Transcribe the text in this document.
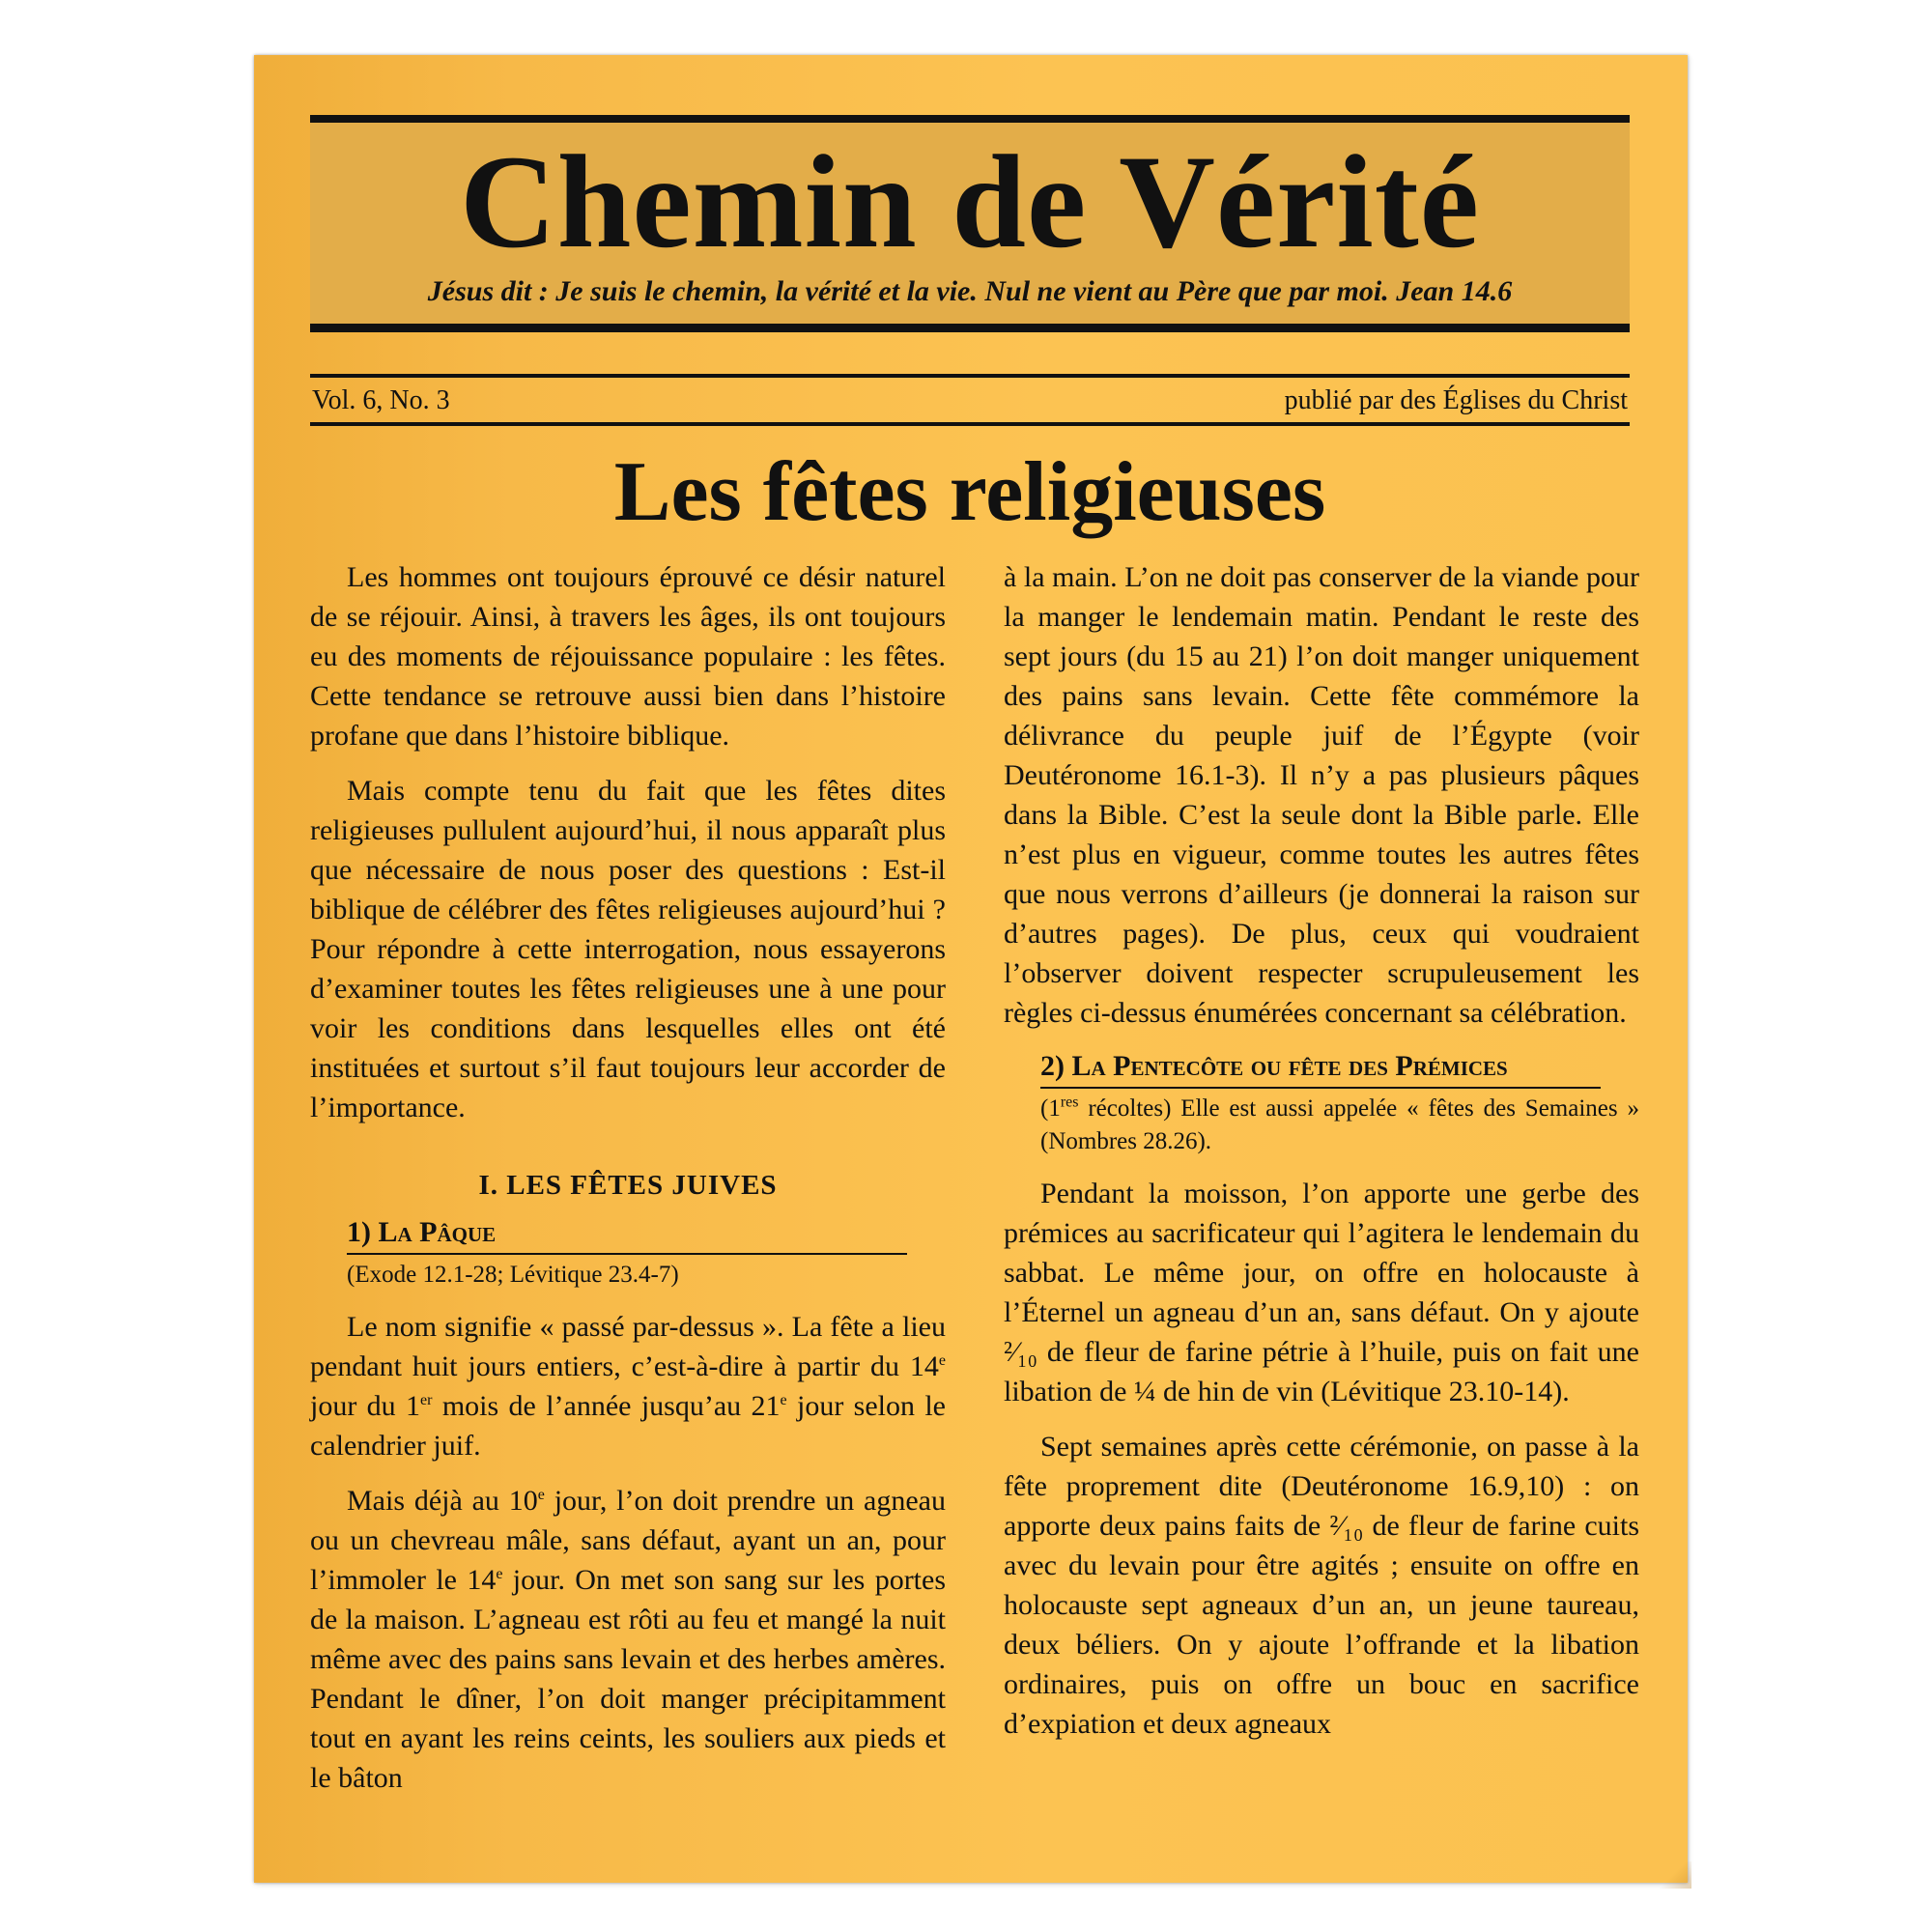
Chemin de Vérité
Jésus dit : Je suis le chemin, la vérité et la vie. Nul ne vient au Père que par moi. Jean 14.6
Vol. 6, No. 3	publié par des Églises du Christ
Les fêtes religieuses

Les hommes ont toujours éprouvé ce désir naturel de se réjouir. Ainsi, à travers les âges, ils ont toujours eu des moments de réjouissance populaire : les fêtes. Cette tendance se retrouve aussi bien dans l’histoire profane que dans l’histoire biblique.

Mais compte tenu du fait que les fêtes dites religieuses pullulent aujourd’hui, il nous apparaît plus que nécessaire de nous poser des questions : Est-il biblique de célébrer des fêtes religieuses aujourd’hui ? Pour répondre à cette interrogation, nous essayerons d’examiner toutes les fêtes religieuses une à une pour voir les conditions dans lesquelles elles ont été instituées et surtout s’il faut toujours leur accorder de l’importance.

I. LES FÊTES JUIVES
1) La Pâque
(Exode 12.1-28; Lévitique 23.4-7)

Le nom signifie « passé par-dessus ». La fête a lieu pendant huit jours entiers, c’est-à-dire à partir du 14e jour du 1er mois de l’année jusqu’au 21e jour selon le calendrier juif.

Mais déjà au 10e jour, l’on doit prendre un agneau ou un chevreau mâle, sans défaut, ayant un an, pour l’immoler le 14e jour. On met son sang sur les portes de la maison. L’agneau est rôti au feu et mangé la nuit même avec des pains sans levain et des herbes amères. Pendant le dîner, l’on doit manger précipitamment tout en ayant les reins ceints, les souliers aux pieds et le bâton

à la main. L’on ne doit pas conserver de la viande pour la manger le lendemain matin. Pendant le reste des sept jours (du 15 au 21) l’on doit manger uniquement des pains sans levain. Cette fête commémore la délivrance du peuple juif de l’Égypte (voir Deutéronome 16.1-3). Il n’y a pas plusieurs pâques dans la Bible. C’est la seule dont la Bible parle. Elle n’est plus en vigueur, comme toutes les autres fêtes que nous verrons d’ailleurs (je donnerai la raison sur d’autres pages). De plus, ceux qui voudraient l’observer doivent respecter scrupuleusement les règles ci-dessus énumérées concernant sa célébration.

2) La Pentecôte ou fête des Prémices
(1res récoltes) Elle est aussi appelée « fêtes des Semaines » (Nombres 28.26).

Pendant la moisson, l’on apporte une gerbe des prémices au sacrificateur qui l’agitera le lendemain du sabbat. Le même jour, on offre en holocauste à l’Éternel un agneau d’un an, sans défaut. On y ajoute ²⁄₁₀ de fleur de farine pétrie à l’huile, puis on fait une libation de ¼ de hin de vin (Lévitique 23.10-14).

Sept semaines après cette cérémonie, on passe à la fête proprement dite (Deutéronome 16.9,10) : on apporte deux pains faits de ²⁄₁₀ de fleur de farine cuits avec du levain pour être agités ; ensuite on offre en holocauste sept agneaux d’un an, un jeune taureau, deux béliers. On y ajoute l’offrande et la libation ordinaires, puis on offre un bouc en sacrifice d’expiation et deux agneaux
